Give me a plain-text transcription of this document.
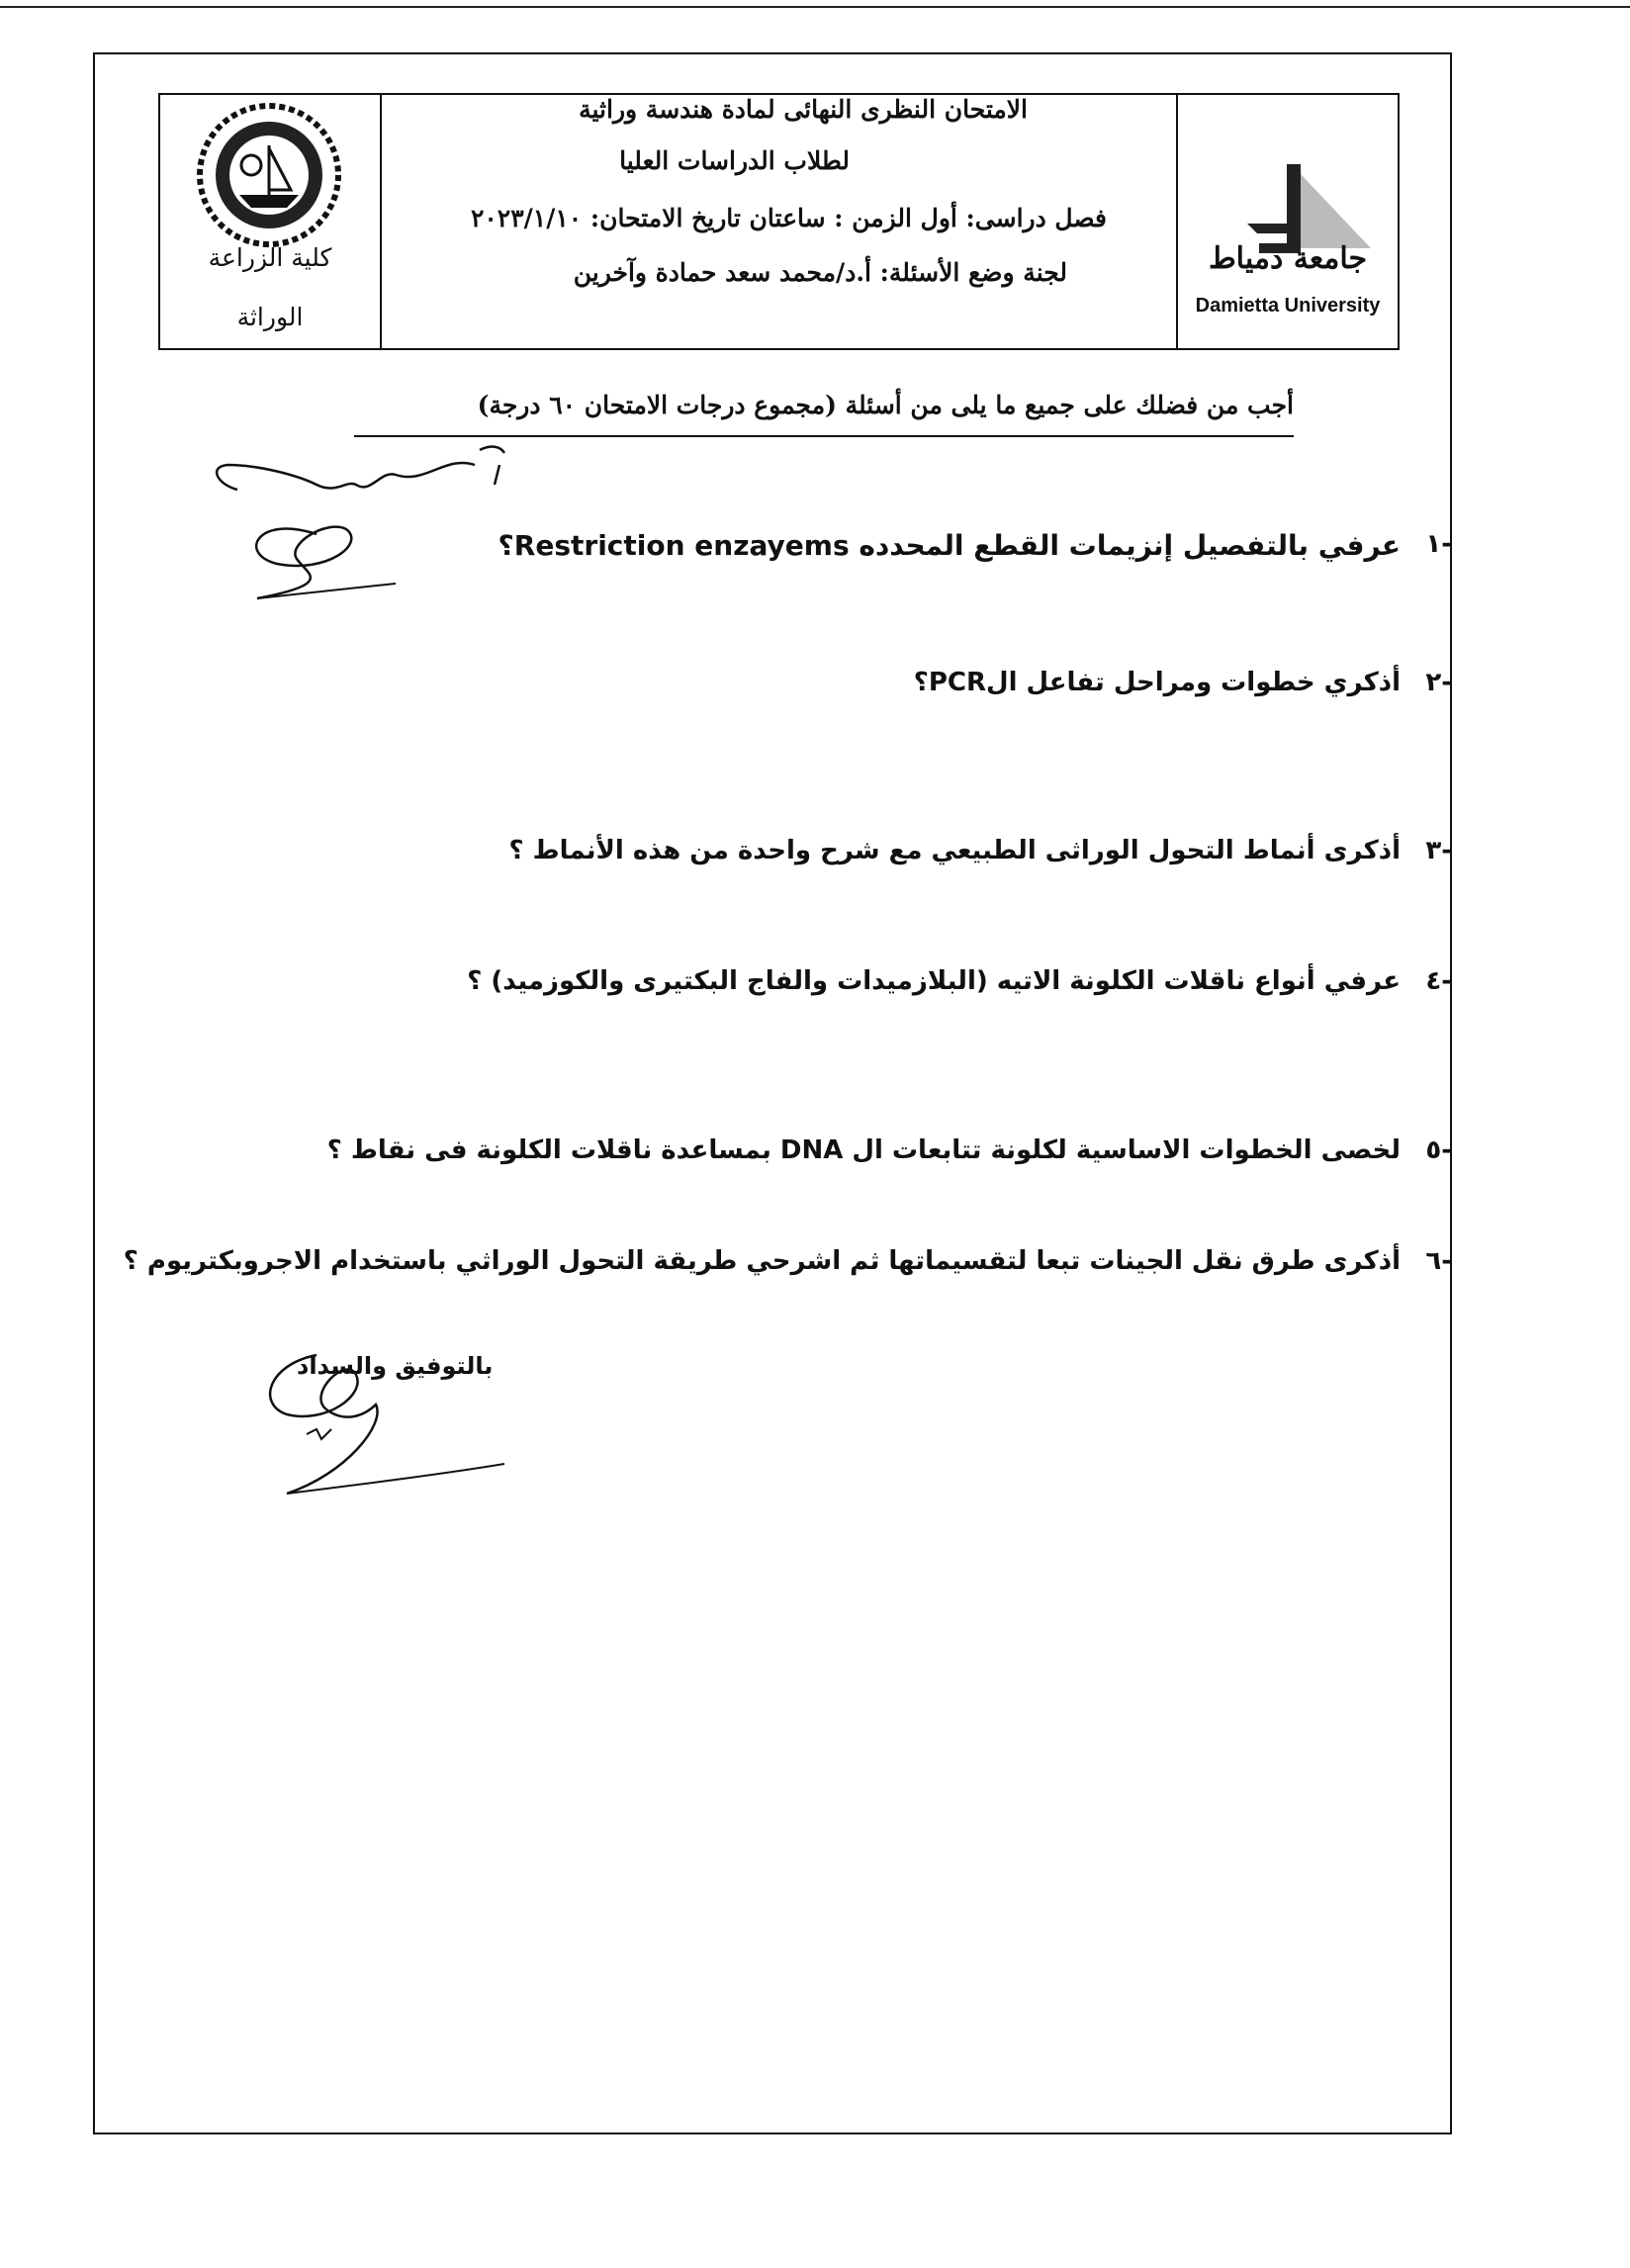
كلية الزراعة
الوراثة
الامتحان النظرى النهائى لمادة هندسة وراثية
لطلاب الدراسات العليا
فصل دراسى: أول الزمن : ساعتان تاريخ الامتحان: ٢٠٢٣/١/١٠
لجنة وضع الأسئلة: أ.د/محمد سعد حمادة وآخرين	جامعة دمياط
Damietta University
أجب من فضلك على جميع ما يلى من أسئلة (مجموع درجات الامتحان ٦٠ درجة)
-١
عرفي بالتفصيل إنزيمات القطع المحدده Restriction enzayems؟
-٢
أذكري خطوات ومراحل تفاعل الPCR؟
-٣
أذكرى أنماط التحول الوراثى الطبيعي مع شرح واحدة من هذه الأنماط ؟
-٤
عرفي أنواع ناقلات الكلونة الاتيه (البلازميدات والفاج البكتيرى والكوزميد) ؟
-٥
لخصى الخطوات الاساسية لكلونة تتابعات ال DNA بمساعدة ناقلات الكلونة فى نقاط ؟
-٦
أذكرى طرق نقل الجينات تبعا لتقسيماتها ثم اشرحي طريقة التحول الوراثي باستخدام الاجروبكتريوم ؟
بالتوفيق والسداد
